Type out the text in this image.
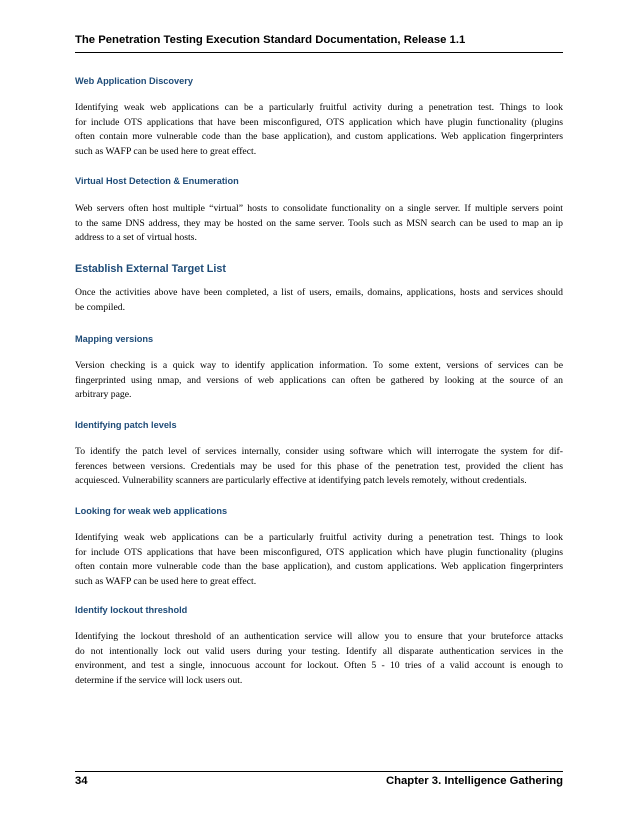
The Penetration Testing Execution Standard Documentation, Release 1.1
Web Application Discovery
Identifying weak web applications can be a particularly fruitful activity during a penetration test. Things to look
for include OTS applications that have been misconfigured, OTS application which have plugin functionality (plugins
often contain more vulnerable code than the base application), and custom applications. Web application fingerprinters
such as WAFP can be used here to great effect.
Virtual Host Detection & Enumeration
Web servers often host multiple “virtual” hosts to consolidate functionality on a single server. If multiple servers point
to the same DNS address, they may be hosted on the same server. Tools such as MSN search can be used to map an ip
address to a set of virtual hosts.
Establish External Target List
Once the activities above have been completed, a list of users, emails, domains, applications, hosts and services should
be compiled.
Mapping versions
Version checking is a quick way to identify application information. To some extent, versions of services can be
fingerprinted using nmap, and versions of web applications can often be gathered by looking at the source of an
arbitrary page.
Identifying patch levels
To identify the patch level of services internally, consider using software which will interrogate the system for dif-
ferences between versions. Credentials may be used for this phase of the penetration test, provided the client has
acquiesced. Vulnerability scanners are particularly effective at identifying patch levels remotely, without credentials.
Looking for weak web applications
Identifying weak web applications can be a particularly fruitful activity during a penetration test. Things to look
for include OTS applications that have been misconfigured, OTS application which have plugin functionality (plugins
often contain more vulnerable code than the base application), and custom applications. Web application fingerprinters
such as WAFP can be used here to great effect.
Identify lockout threshold
Identifying the lockout threshold of an authentication service will allow you to ensure that your bruteforce attacks
do not intentionally lock out valid users during your testing. Identify all disparate authentication services in the
environment, and test a single, innocuous account for lockout. Often 5 - 10 tries of a valid account is enough to
determine if the service will lock users out.
34	Chapter 3. Intelligence Gathering
